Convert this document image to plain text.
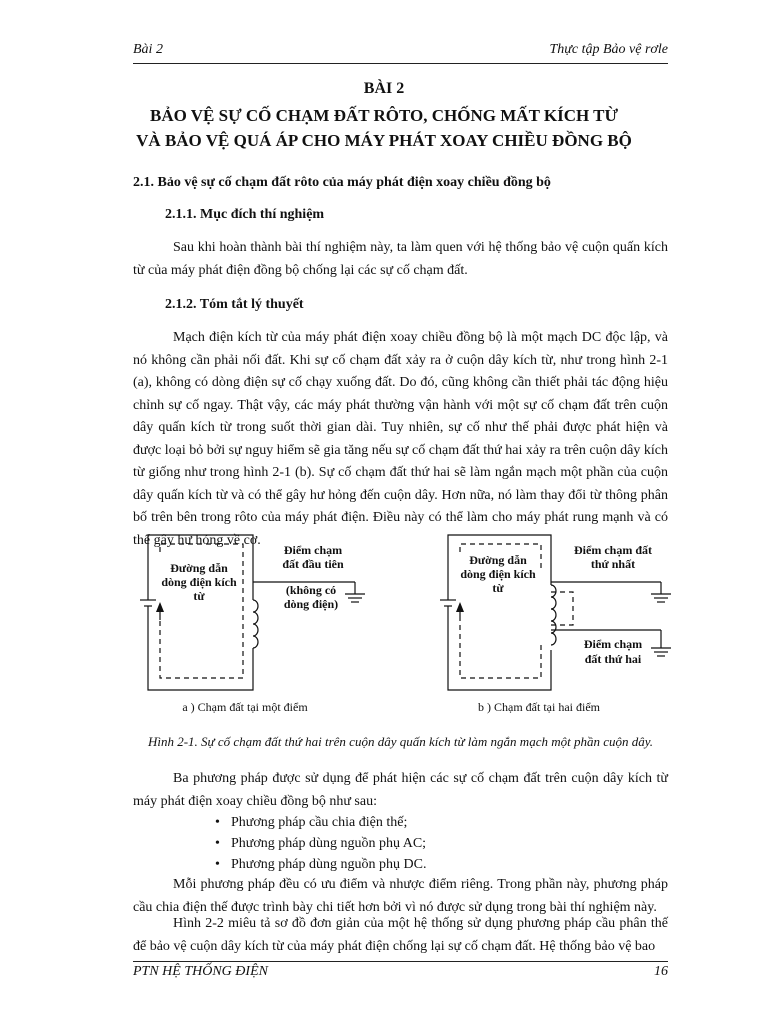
Bài 2	Thực tập Bảo vệ rơle
BÀI 2
BẢO VỆ SỰ CỐ CHẠM ĐẤT RÔTO, CHỐNG MẤT KÍCH TỪ
VÀ BẢO VỆ QUÁ ÁP CHO MÁY PHÁT XOAY CHIỀU ĐỒNG BỘ
2.1. Bảo vệ sự cố chạm đất rôto của máy phát điện xoay chiều đồng bộ
2.1.1. Mục đích thí nghiệm

Sau khi hoàn thành bài thí nghiệm này, ta làm quen với hệ thống bảo vệ cuộn quấn kích từ của máy phát điện đồng bộ chống lại các sự cố chạm đất.

2.1.2. Tóm tắt lý thuyết

Mạch điện kích từ của máy phát điện xoay chiều đồng bộ là một mạch DC độc lập, và nó không cần phải nối đất. Khi sự cố chạm đất xảy ra ở cuộn dây kích từ, như trong hình 2-1 (a), không có dòng điện sự cố chạy xuống đất. Do đó, cũng không cần thiết phải tác động hiệu chỉnh sự cố ngay. Thật vậy, các máy phát thường vận hành với một sự cố chạm đất trên cuộn dây quấn kích từ trong suốt thời gian dài. Tuy nhiên, sự cố như thế phải được phát hiện và được loại bỏ bởi sự nguy hiểm sẽ gia tăng nếu sự cố chạm đất thứ hai xảy ra trên cuộn dây kích từ giống như trong hình 2-1 (b). Sự cố chạm đất thứ hai sẽ làm ngắn mạch một phần của cuộn dây quấn kích từ và có thể gây hư hỏng đến cuộn dây. Hơn nữa, nó làm thay đổi từ thông phân bố trên bên trong rôto của máy phát điện. Điều này có thể làm cho máy phát rung mạnh và có thể gây hư hỏng về cơ.

Đường dẫn
dòng điện kích
từ
Điểm chạm
đất đầu tiên
(không có
dòng điện)
Đường dẫn
dòng điện kích
từ
Điểm chạm đất
thứ nhất
Điểm chạm
đất thứ hai
a ) Chạm đất tại một điểm	b ) Chạm đất tại hai điểm
Hình 2-1. Sự cố chạm đất thứ hai trên cuộn dây quấn kích từ làm ngắn mạch một phần cuộn dây.

Ba phương pháp được sử dụng để phát hiện các sự cố chạm đất trên cuộn dây kích từ máy phát điện xoay chiều đồng bộ như sau:

• Phương pháp cầu chia điện thế;
• Phương pháp dùng nguồn phụ AC;
• Phương pháp dùng nguồn phụ DC.

Mỗi phương pháp đều có ưu điểm và nhược điểm riêng. Trong phần này, phương pháp cầu chia điện thế được trình bày chi tiết hơn bởi vì nó được sử dụng trong bài thí nghiệm này.

Hình 2-2 miêu tả sơ đồ đơn giản của một hệ thống sử dụng phương pháp cầu phân thế để bảo vệ cuộn dây kích từ của máy phát điện chống lại sự cố chạm đất. Hệ thống bảo vệ bao

PTN HỆ THỐNG ĐIỆN	16
